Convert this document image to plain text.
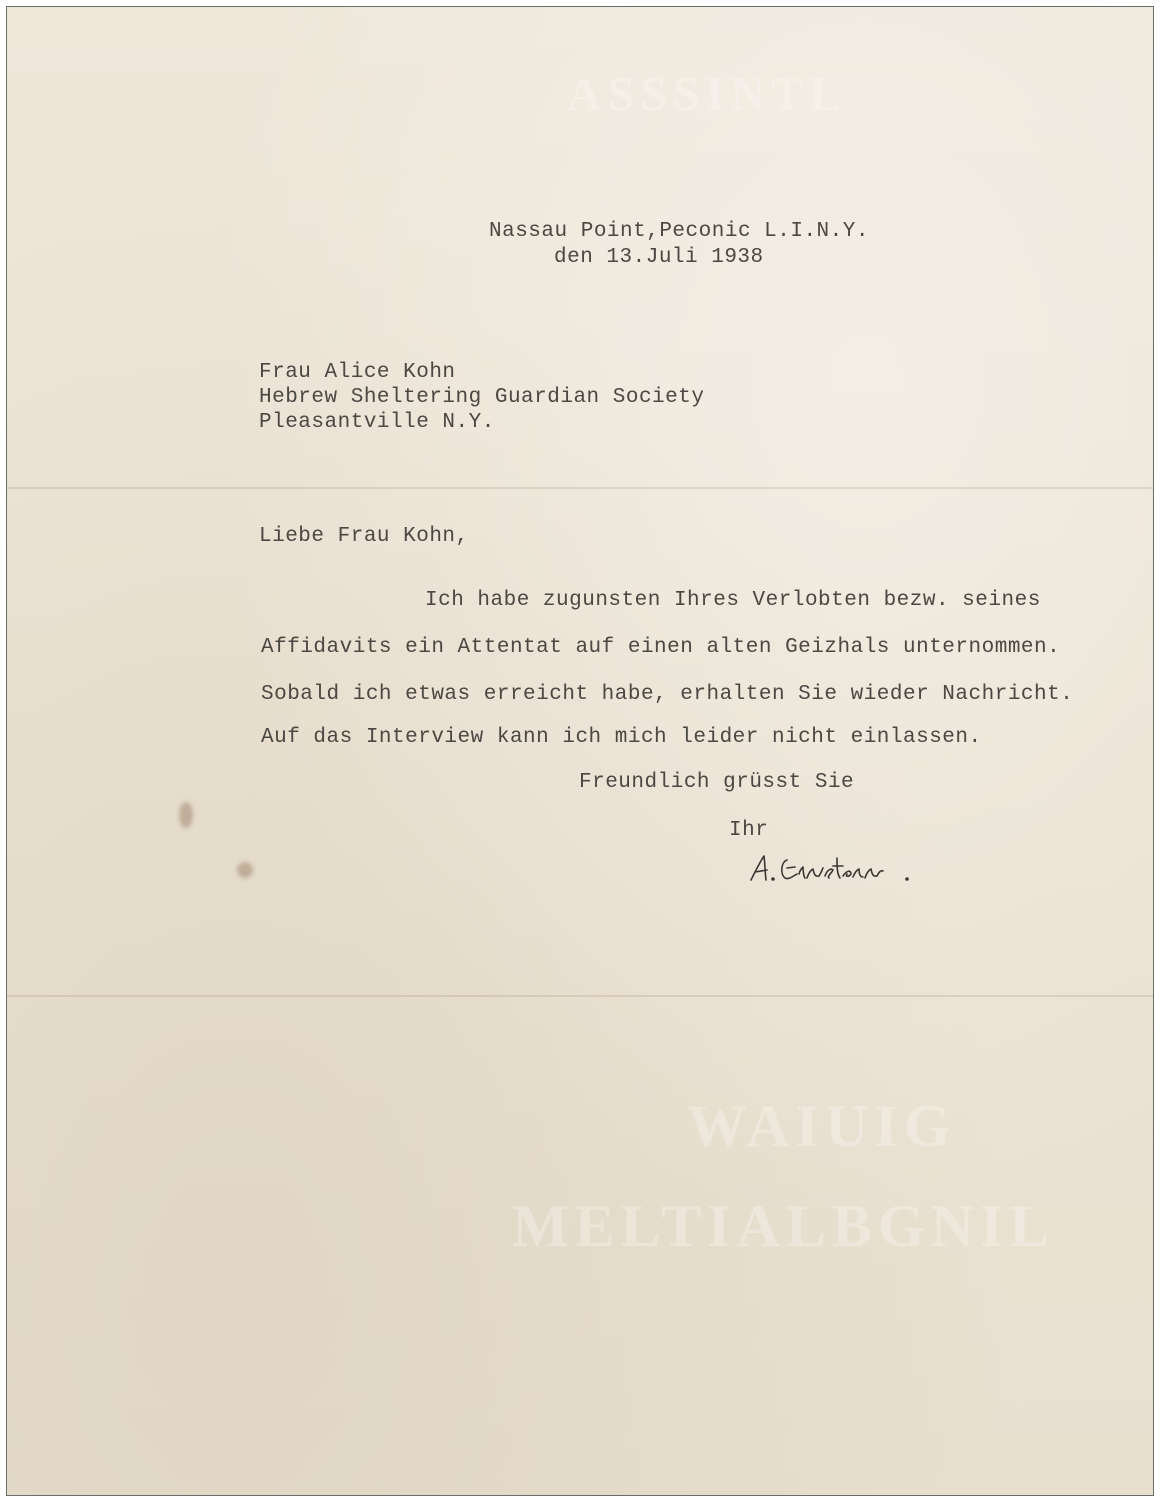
ASSSINTL
WAIUIG
MELTIALBGNIL
Nassau Point,Peconic L.I.N.Y.
den 13.Juli 1938
Frau Alice Kohn
Hebrew Sheltering Guardian Society
Pleasantville N.Y.
Liebe Frau Kohn,
Ich habe zugunsten Ihres Verlobten bezw. seines
Affidavits ein Attentat auf einen alten Geizhals unternommen.
Sobald ich etwas erreicht habe, erhalten Sie wieder Nachricht.
Auf das Interview kann ich mich leider nicht einlassen.
Freundlich grüsst Sie
Ihr
